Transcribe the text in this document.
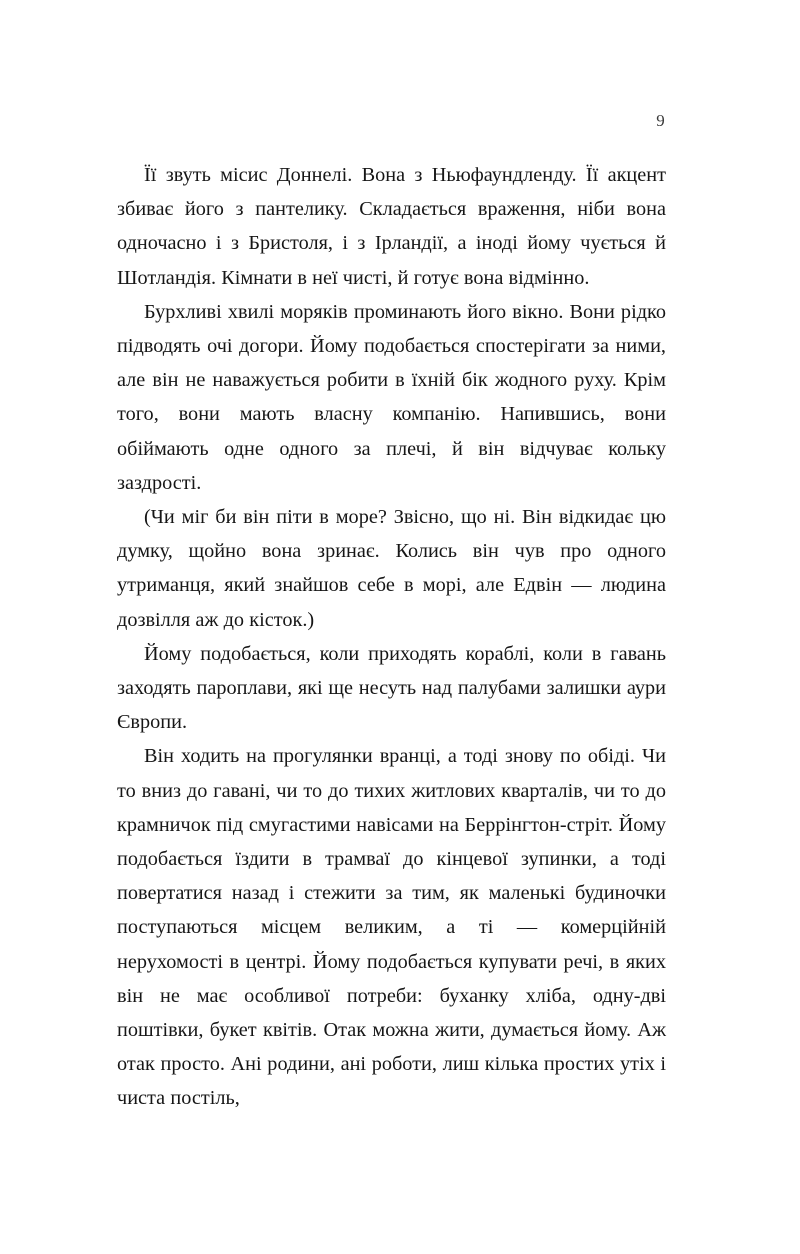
9

Її звуть місис Доннелі. Вона з Ньюфаундленду. Її акцент збиває його з пантелику. Складається враження, ніби вона одночасно і з Бристоля, і з Ірландії, а іноді йому чується й Шотландія. Кімнати в неї чисті, й готує вона відмінно.

Бурхливі хвилі моряків проминають його вікно. Вони рідко підводять очі догори. Йому подобається спостерігати за ними, але він не наважується робити в їхній бік жодного руху. Крім того, вони мають власну компанію. Напившись, вони обіймають одне одного за плечі, й він відчуває кольку заздрості.

(Чи міг би він піти в море? Звісно, що ні. Він відкидає цю думку, щойно вона зринає. Колись він чув про одного утриманця, який знайшов себе в морі, але Едвін — людина дозвілля аж до кісток.)

Йому подобається, коли приходять кораблі, коли в гавань заходять пароплави, які ще несуть над палубами залишки аури Європи.

Він ходить на прогулянки вранці, а тоді знову по обіді. Чи то вниз до гавані, чи то до тихих житлових кварталів, чи то до крамничок під смугастими навісами на Беррінгтон-стріт. Йому подобається їздити в трамваї до кінцевої зупинки, а тоді повертатися назад і стежити за тим, як маленькі будиночки поступаються місцем великим, а ті — комерційній нерухомості в центрі. Йому подобається купувати речі, в яких він не має особливої потреби: буханку хліба, одну-дві поштівки, букет квітів. Отак можна жити, думається йому. Аж отак просто. Ані родини, ані роботи, лиш кілька простих утіх і чиста постіль,
